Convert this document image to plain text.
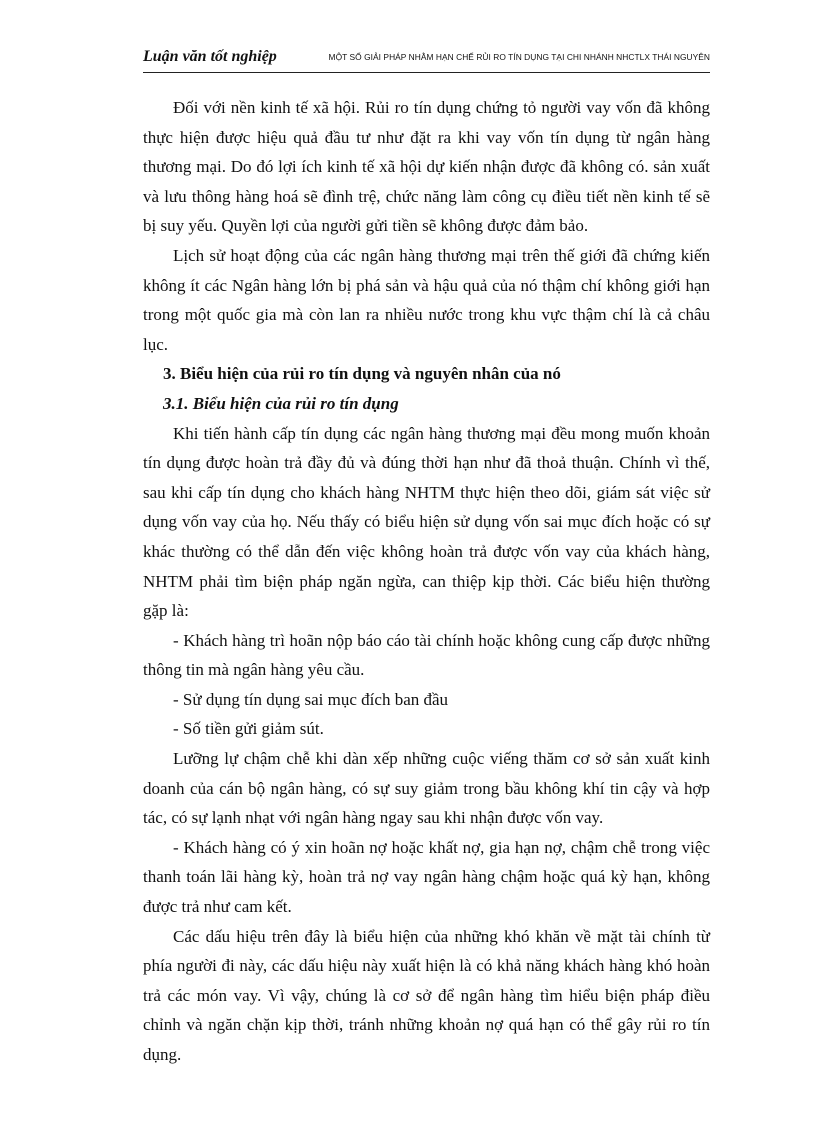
Luận văn tốt nghiệp	MỘT SỐ GIẢI PHÁP NHẰM HẠN CHẾ RỦI RO TÍN DỤNG TẠI CHI NHÁNH NHCTLX THÁI NGUYÊN

Đối với nền kinh tế xã hội. Rủi ro tín dụng chứng tỏ người vay vốn đã không thực hiện được hiệu quả đầu tư như đặt ra khi vay vốn tín dụng từ ngân hàng thương mại. Do đó lợi ích kinh tế xã hội dự kiến nhận được đã không có. sản xuất và lưu thông hàng hoá sẽ đình trệ, chức năng làm công cụ điều tiết nền kinh tế sẽ bị suy yếu. Quyền lợi của người gửi tiền sẽ không được đảm bảo.

Lịch sử hoạt động của các ngân hàng thương mại trên thế giới đã chứng kiến không ít các Ngân hàng lớn bị phá sản và hậu quả của nó thậm chí không giới hạn trong một quốc gia mà còn lan ra nhiều nước trong khu vực thậm chí là cả châu lục.

3. Biểu hiện của rủi ro tín dụng và nguyên nhân của nó

3.1. Biểu hiện của rủi ro tín dụng

Khi tiến hành cấp tín dụng các ngân hàng thương mại đều mong muốn khoản tín dụng được hoàn trả đầy đủ và đúng thời hạn như đã thoả thuận. Chính vì thế, sau khi cấp tín dụng cho khách hàng NHTM thực hiện theo dõi, giám sát việc sử dụng vốn vay của họ. Nếu thấy có biểu hiện sử dụng vốn sai mục đích hoặc có sự khác thường có thể dẫn đến việc không hoàn trả được vốn vay của khách hàng, NHTM phải tìm biện pháp ngăn ngừa, can thiệp kịp thời. Các biểu hiện thường gặp là:

- Khách hàng trì hoãn nộp báo cáo tài chính hoặc không cung cấp được những thông tin mà ngân hàng yêu cầu.

- Sử dụng tín dụng sai mục đích ban đầu

- Số tiền gửi giảm sút.

Lưỡng lự chậm chễ khi dàn xếp những cuộc viếng thăm cơ sở sản xuất kinh doanh của cán bộ ngân hàng, có sự suy giảm trong bầu không khí tin cậy và hợp tác, có sự lạnh nhạt với ngân hàng ngay sau khi nhận được vốn vay.

- Khách hàng có ý xin hoãn nợ hoặc khất nợ, gia hạn nợ, chậm chễ trong việc thanh toán lãi hàng kỳ, hoàn trả nợ vay ngân hàng chậm hoặc quá kỳ hạn, không được trả như cam kết.

Các dấu hiệu trên đây là biểu hiện của những khó khăn về mặt tài chính từ phía người đi này, các dấu hiệu này xuất hiện là có khả năng khách hàng khó hoàn trả các món vay. Vì vậy, chúng là cơ sở để ngân hàng tìm hiểu biện pháp điều chỉnh và ngăn chặn kịp thời, tránh những khoản nợ quá hạn có thể gây rủi ro tín dụng.
